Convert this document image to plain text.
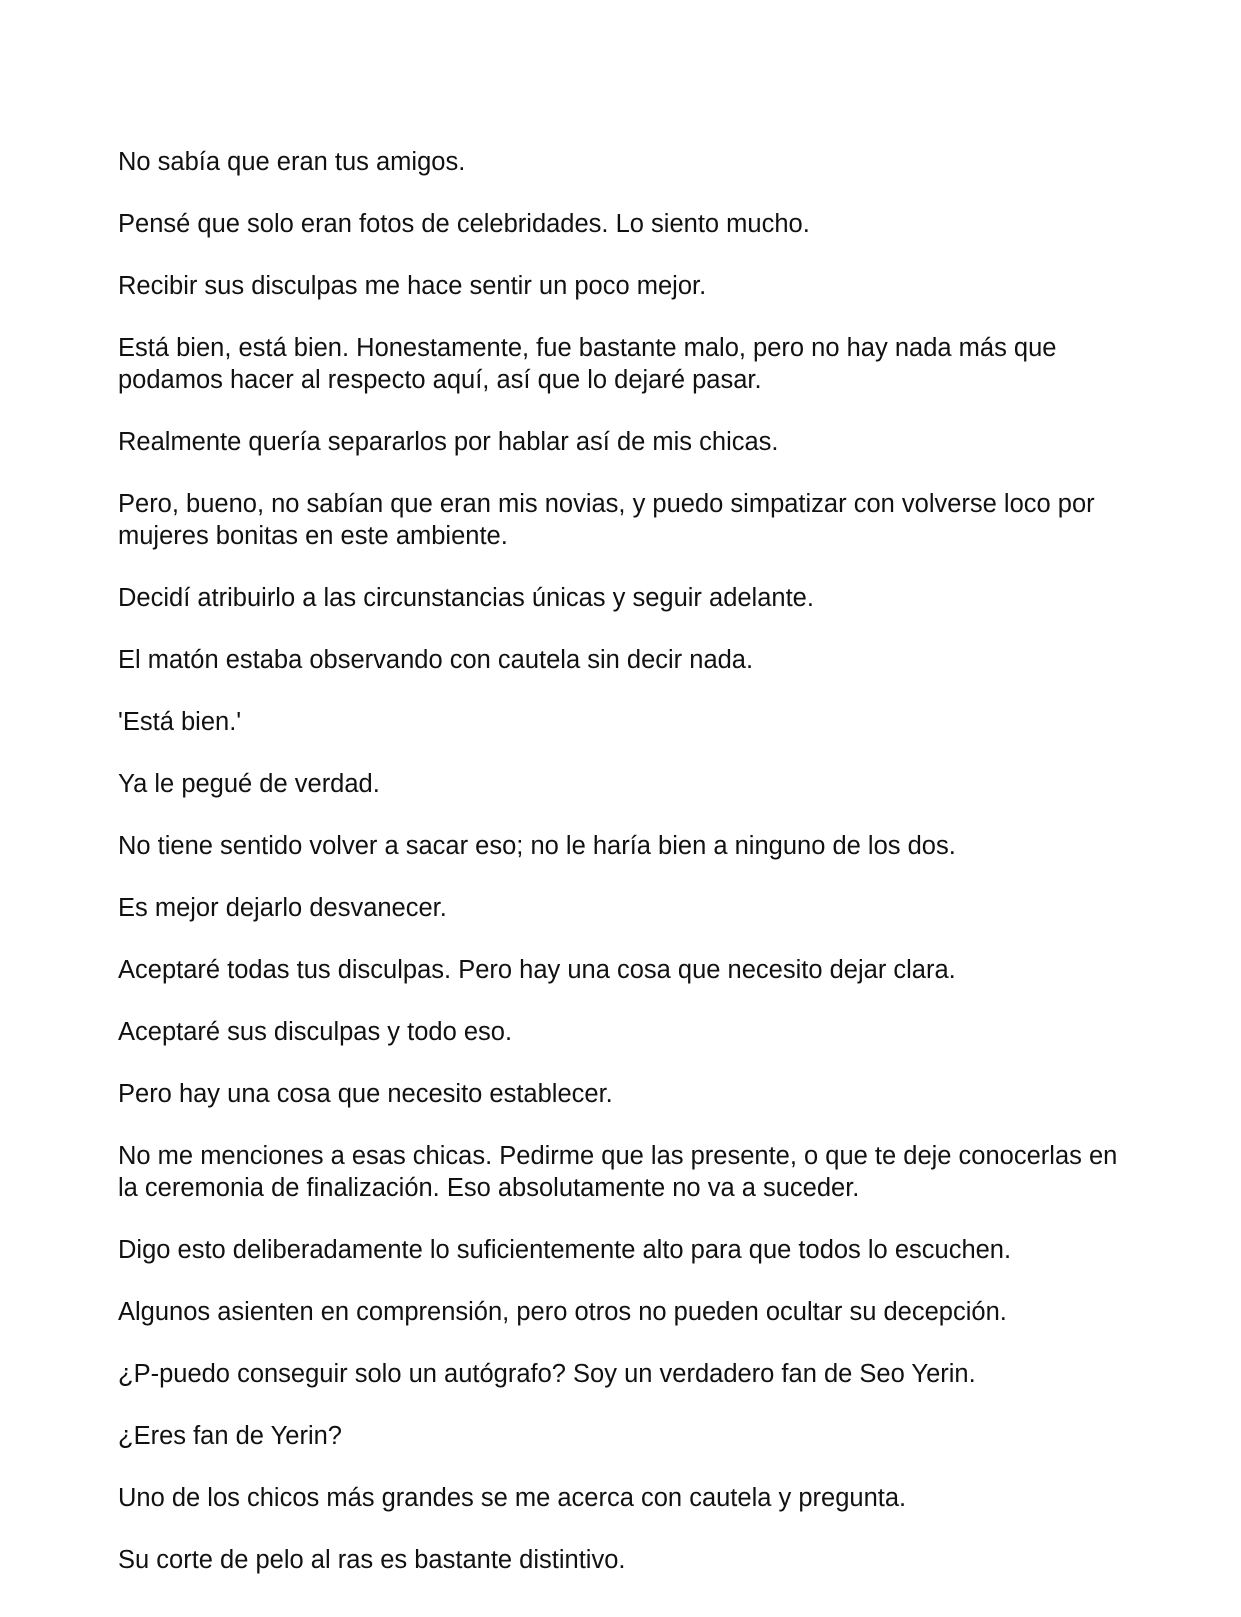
No sabía que eran tus amigos.

Pensé que solo eran fotos de celebridades. Lo siento mucho.

Recibir sus disculpas me hace sentir un poco mejor.

Está bien, está bien. Honestamente, fue bastante malo, pero no hay nada más que podamos hacer al respecto aquí, así que lo dejaré pasar.

Realmente quería separarlos por hablar así de mis chicas.

Pero, bueno, no sabían que eran mis novias, y puedo simpatizar con volverse loco por mujeres bonitas en este ambiente.

Decidí atribuirlo a las circunstancias únicas y seguir adelante.

El matón estaba observando con cautela sin decir nada.

'Está bien.'

Ya le pegué de verdad.

No tiene sentido volver a sacar eso; no le haría bien a ninguno de los dos.

Es mejor dejarlo desvanecer.

Aceptaré todas tus disculpas. Pero hay una cosa que necesito dejar clara.

Aceptaré sus disculpas y todo eso.

Pero hay una cosa que necesito establecer.

No me menciones a esas chicas. Pedirme que las presente, o que te deje conocerlas en la ceremonia de finalización. Eso absolutamente no va a suceder.

Digo esto deliberadamente lo suficientemente alto para que todos lo escuchen.

Algunos asienten en comprensión, pero otros no pueden ocultar su decepción.

¿P-puedo conseguir solo un autógrafo? Soy un verdadero fan de Seo Yerin.

¿Eres fan de Yerin?

Uno de los chicos más grandes se me acerca con cautela y pregunta.

Su corte de pelo al ras es bastante distintivo.
